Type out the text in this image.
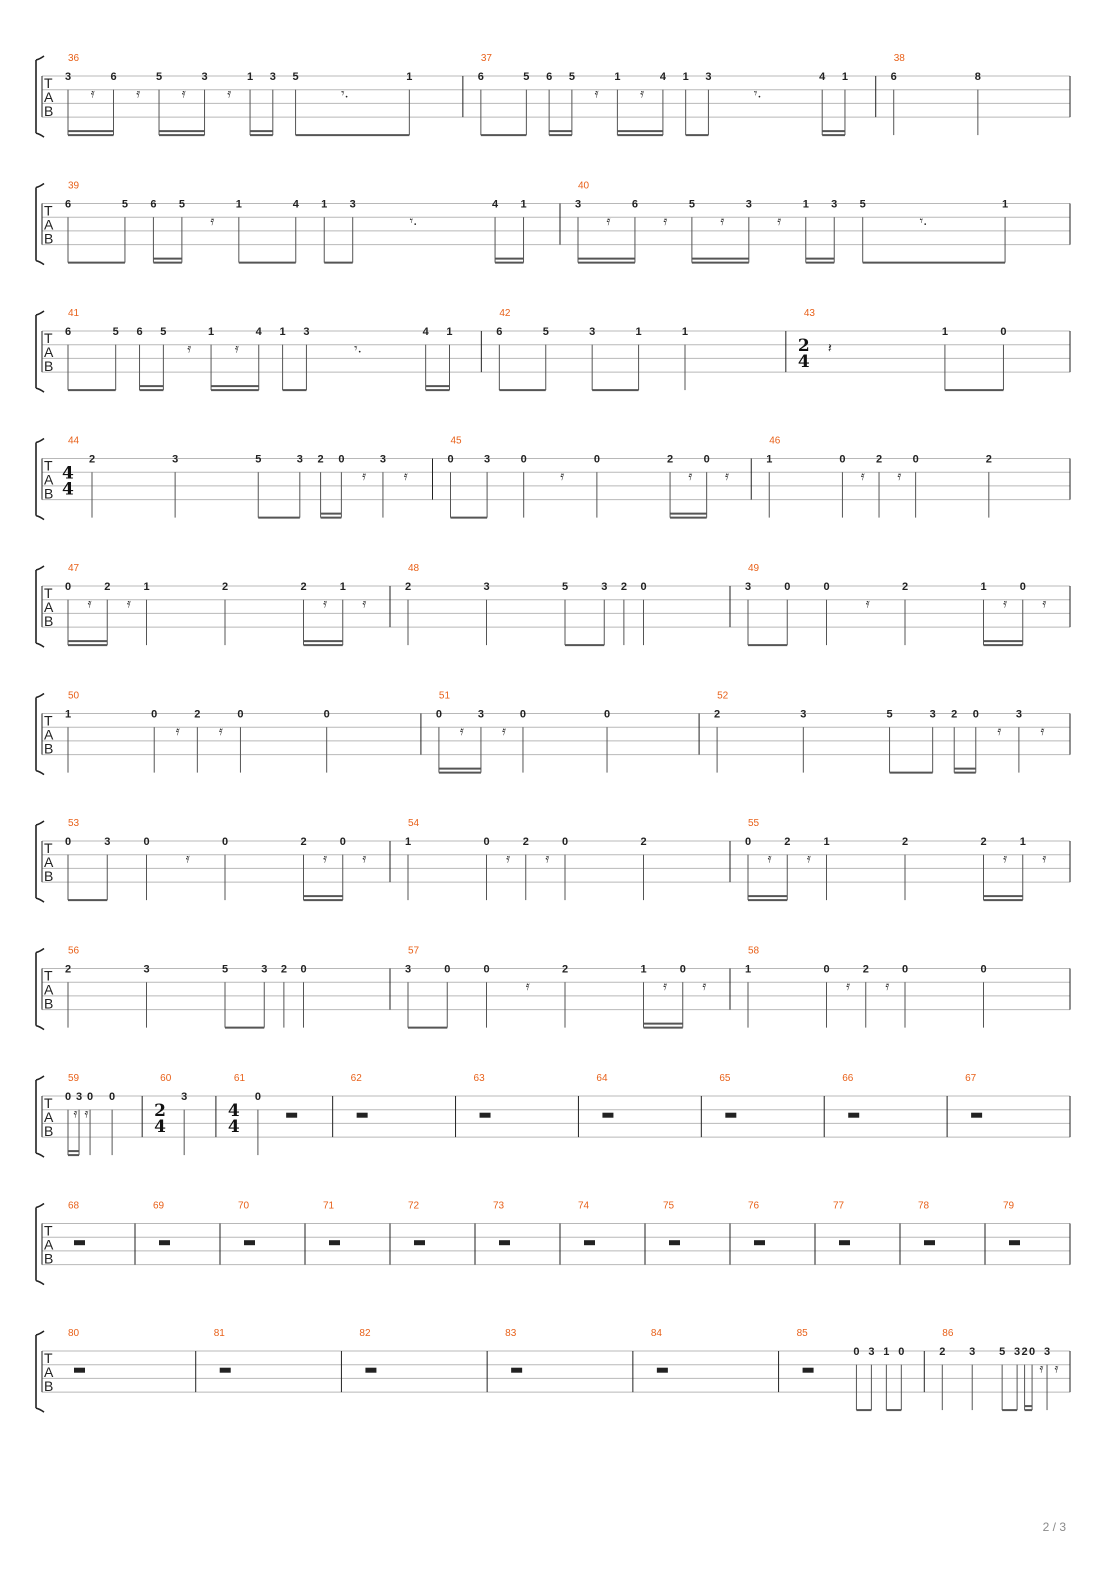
T
A
B
36
3
𝄿
6
𝄿
5
𝄿
3
𝄿
1 3 5
𝄾.
1
37
6	5 6 5
𝄿
1
𝄿
4 1 3
𝄾.
4 1
38
6	8
T
A
B
39
6	5 6 5
𝄿
1	4 1 3
𝄾.
4 1
40
3
𝄿
6
𝄿
5
𝄿
3
𝄿
1 3 5
𝄾.
1
T
A
B
41
6	5 6 5
𝄿
1
𝄿
4 1 3
𝄾.
4 1
42
6	5	3	1	1
43
2
4
𝄽
1	0
T
A
B
44
4
4
2	3	5	3 2 0
𝄿
3
𝄿
45
0	3	0
𝄿
0	2
𝄿
0
𝄿
46
1	0
𝄿
2
𝄿
0	2
T
A
B
47
0
𝄿
2
𝄿
1	2	2
𝄿
1
𝄿
48
2	3	5	3 2 0
49
3	0	0
𝄿
2	1
𝄿
0
𝄿
T
A
B
50
1	0
𝄿
2
𝄿
0	0
51
0
𝄿
3
𝄿
0	0
52
2	3	5	3 2 0
𝄿
3
𝄿
T
A
B
53
0	3	0
𝄿
0	2
𝄿
0
𝄿
54
1	0
𝄿
2
𝄿
0	2
55
0
𝄿
2
𝄿
1	2	2
𝄿
1
𝄿
T
A
B
56
2	3	5	3 2 0
57
3	0	0
𝄿
2	1
𝄿
0
𝄿
58
1	0
𝄿
2
𝄿
0	0
T
A
B
59
0
𝄿
3
𝄿
0 0
60
2
4
3
61
4
4
0
62	63	64	65	66	67
T
A
B
68	69	70	71	72	73	74	75	76	77	78	79
T
A
B
80	81	82	83	84	85
0 3 1 0
86
2 3 5 3 2 0
𝄿
3
𝄿
2 / 3
